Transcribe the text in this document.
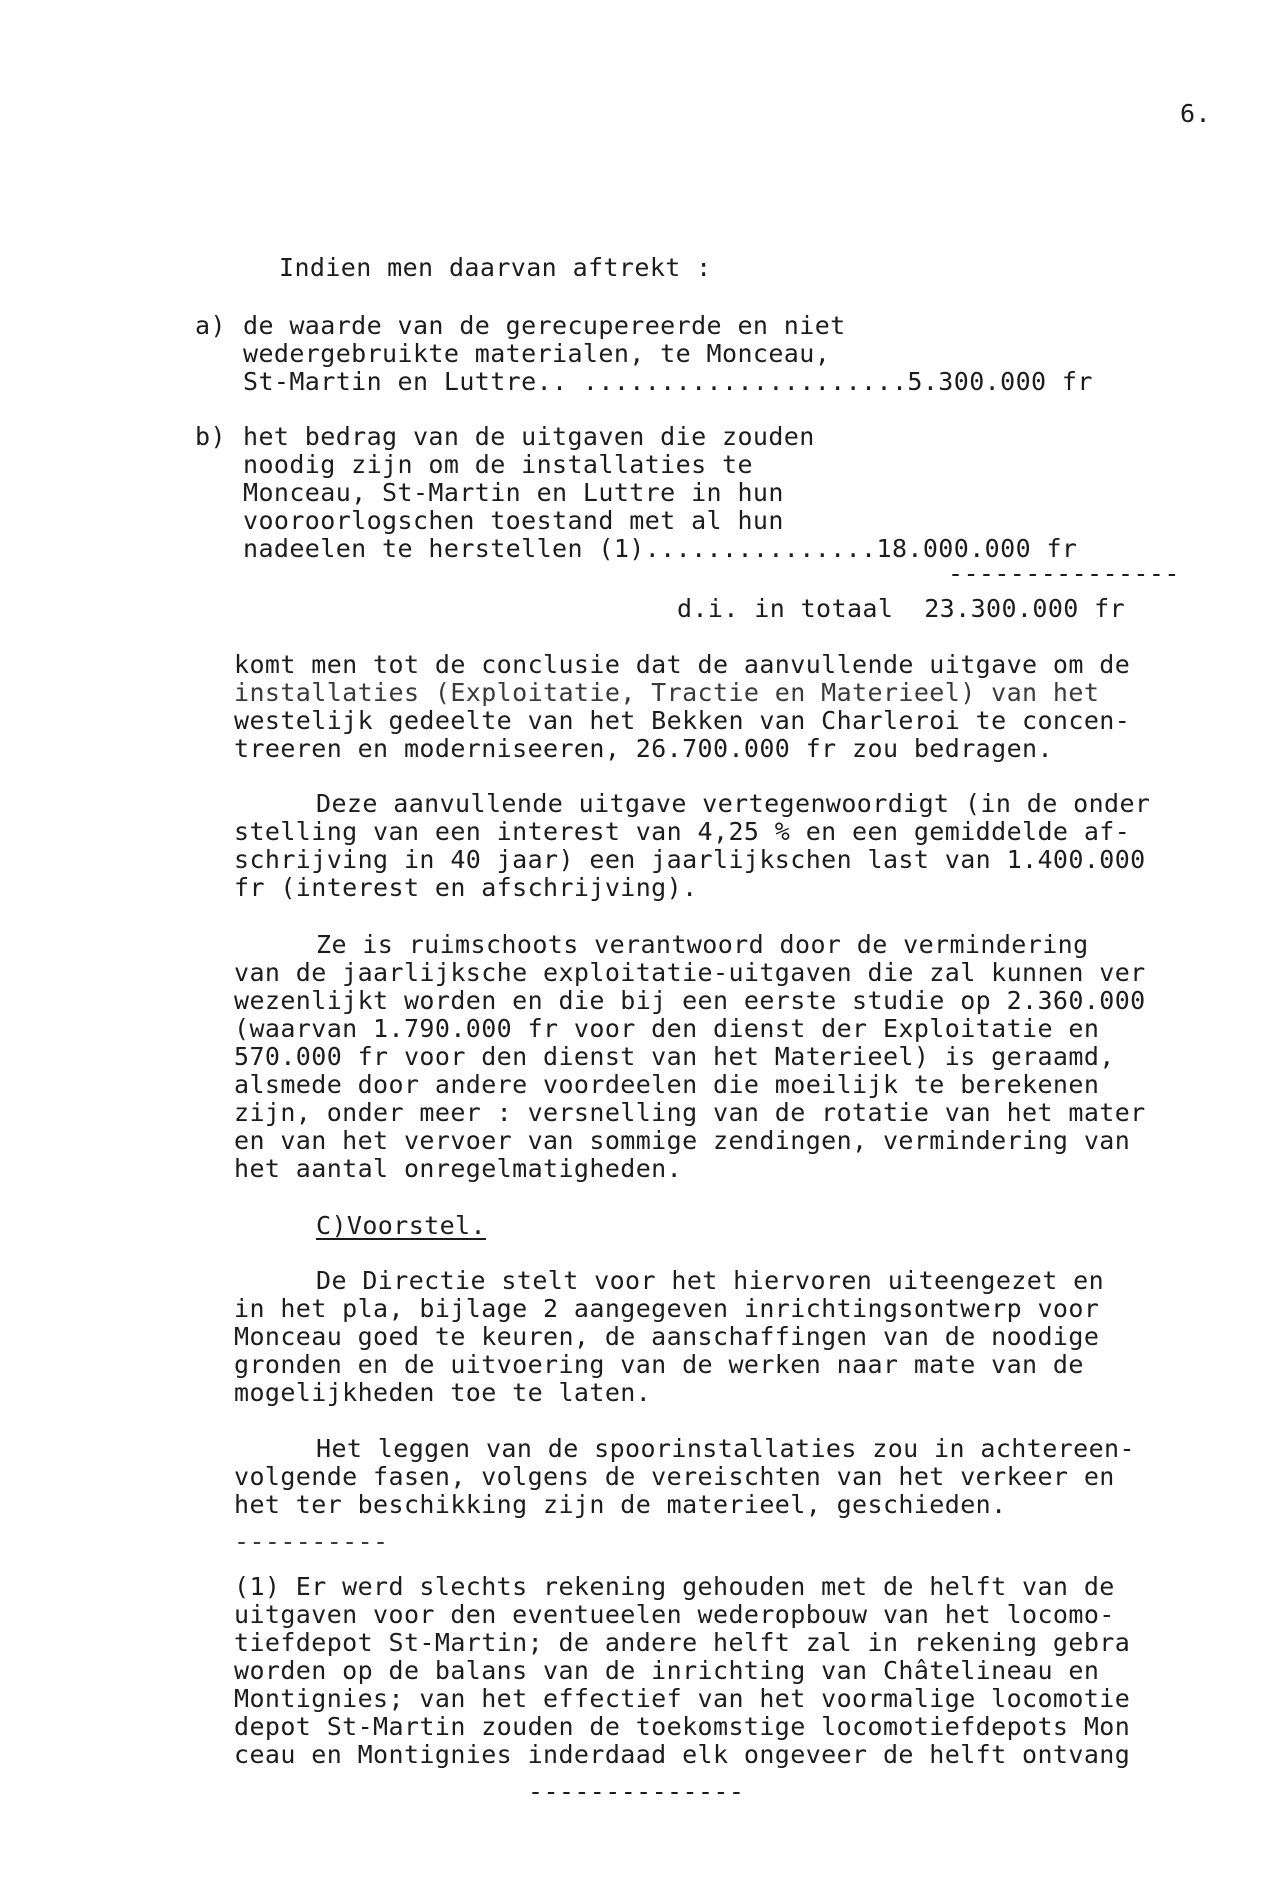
6.
Indien men daarvan aftrekt :
a) de waarde van de gerecupereerde en niet
wedergebruikte materialen, te Monceau,
St-Martin en Luttre.. .....................5.300.000 fr
b) het bedrag van de uitgaven die zouden
noodig zijn om de installaties te
Monceau, St-Martin en Luttre in hun
vooroorlogschen toestand met al hun
nadeelen te herstellen (1)...............18.000.000 fr
---------------
d.i. in totaal  23.300.000 fr
komt men tot de conclusie dat de aanvullende uitgave om de
installaties (Exploitatie, Tractie en Materieel) van het
westelijk gedeelte van het Bekken van Charleroi te concen-
treeren en moderniseeren, 26.700.000 fr zou bedragen.
Deze aanvullende uitgave vertegenwoordigt (in de onder
stelling van een interest van 4,25 % en een gemiddelde af-
schrijving in 40 jaar) een jaarlijkschen last van 1.400.000
fr (interest en afschrijving).
Ze is ruimschoots verantwoord door de vermindering
van de jaarlijksche exploitatie-uitgaven die zal kunnen ver
wezenlijkt worden en die bij een eerste studie op 2.360.000
(waarvan 1.790.000 fr voor den dienst der Exploitatie en
570.000 fr voor den dienst van het Materieel) is geraamd,
alsmede door andere voordeelen die moeilijk te berekenen
zijn, onder meer : versnelling van de rotatie van het mater
en van het vervoer van sommige zendingen, vermindering van
het aantal onregelmatigheden.
C)Voorstel.
De Directie stelt voor het hiervoren uiteengezet en
in het pla, bijlage 2 aangegeven inrichtingsontwerp voor
Monceau goed te keuren, de aanschaffingen van de noodige
gronden en de uitvoering van de werken naar mate van de
mogelijkheden toe te laten.
Het leggen van de spoorinstallaties zou in achtereen-
volgende fasen, volgens de vereischten van het verkeer en
het ter beschikking zijn de materieel, geschieden.
----------
(1) Er werd slechts rekening gehouden met de helft van de
uitgaven voor den eventueelen wederopbouw van het locomo-
tiefdepot St-Martin; de andere helft zal in rekening gebra
worden op de balans van de inrichting van Châtelineau en
Montignies; van het effectief van het voormalige locomotie
depot St-Martin zouden de toekomstige locomotiefdepots Mon
ceau en Montignies inderdaad elk ongeveer de helft ontvang
--------------
